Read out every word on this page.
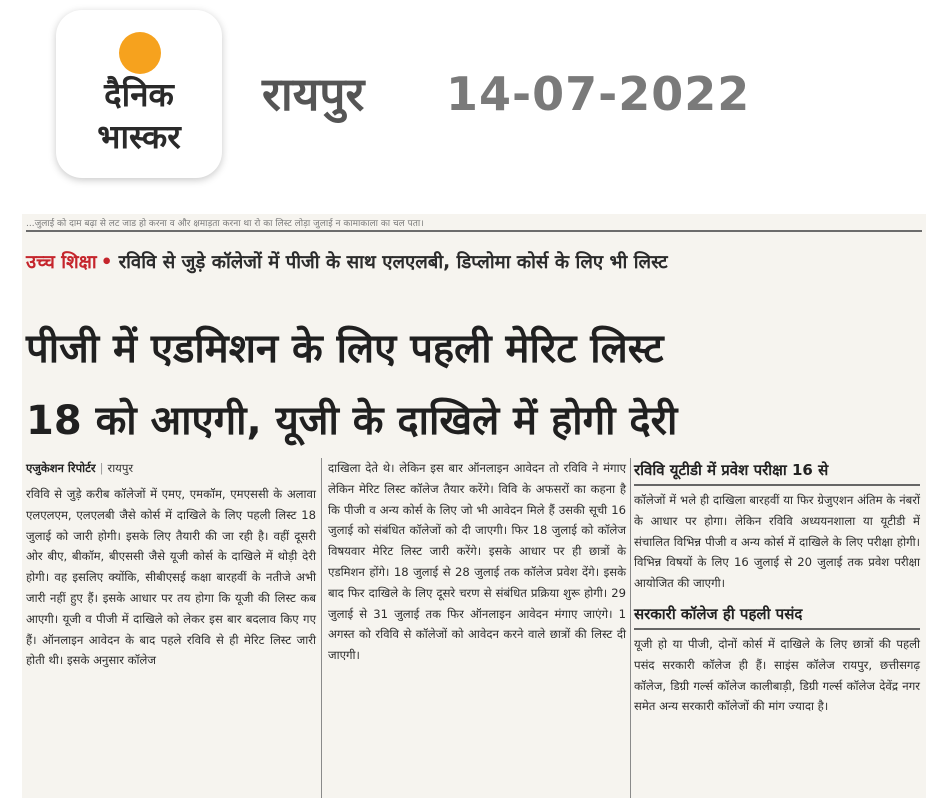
दैनिक
भास्कर
रायपुर 14-07-2022
...जुलाई को दाम बढ़ा से लट जाड हो करना व और क्षमाड़ता करना था रो का लिस्ट लोड़ा जुलाई न कामाकाला का चल पता।
उच्च शिक्षा • रविवि से जुड़े कॉलेजों में पीजी के साथ एलएलबी, डिप्लोमा कोर्स के लिए भी लिस्ट
पीजी में एडमिशन के लिए पहली मेरिट लिस्ट
18 को आएगी, यूजी के दाखिले में होगी देरी
एजुकेशन रिपोर्टर | रायपुर

रविवि से जुड़े करीब कॉलेजों में एमए, एमकॉम, एमएससी के अलावा एलएलएम, एलएलबी जैसे कोर्स में दाखिले के लिए पहली लिस्ट 18 जुलाई को जारी होगी। इसके लिए तैयारी की जा रही है। वहीं दूसरी ओर बीए, बीकॉम, बीएससी जैसे यूजी कोर्स के दाखिले में थोड़ी देरी होगी। वह इसलिए क्योंकि, सीबीएसई कक्षा बारहवीं के नतीजे अभी जारी नहीं हुए हैं। इसके आधार पर तय होगा कि यूजी की लिस्ट कब आएगी। यूजी व पीजी में दाखिले को लेकर इस बार बदलाव किए गए हैं। ऑनलाइन आवेदन के बाद पहले रविवि से ही मेरिट लिस्ट जारी होती थी। इसके अनुसार कॉलेज

दाखिला देते थे। लेकिन इस बार ऑनलाइन आवेदन तो रविवि ने मंगाए लेकिन मेरिट लिस्ट कॉलेज तैयार करेंगे। विवि के अफसरों का कहना है कि पीजी व अन्य कोर्स के लिए जो भी आवेदन मिले हैं उसकी सूची 16 जुलाई को संबंधित कॉलेजों को दी जाएगी। फिर 18 जुलाई को कॉलेज विषयवार मेरिट लिस्ट जारी करेंगे। इसके आधार पर ही छात्रों के एडमिशन होंगे। 18 जुलाई से 28 जुलाई तक कॉलेज प्रवेश देंगे। इसके बाद फिर दाखिले के लिए दूसरे चरण से संबंधित प्रक्रिया शुरू होगी। 29 जुलाई से 31 जुलाई तक फिर ऑनलाइन आवेदन मंगाए जाएंगे। 1 अगस्त को रविवि से कॉलेजों को आवेदन करने वाले छात्रों की लिस्ट दी जाएगी।

रविवि यूटीडी में प्रवेश परीक्षा 16 से

कॉलेजों में भले ही दाखिला बारहवीं या फिर ग्रेजुएशन अंतिम के नंबरों के आधार पर होगा। लेकिन रविवि अध्ययनशाला या यूटीडी में संचालित विभिन्न पीजी व अन्य कोर्स में दाखिले के लिए परीक्षा होगी। विभिन्न विषयों के लिए 16 जुलाई से 20 जुलाई तक प्रवेश परीक्षा आयोजित की जाएगी।

सरकारी कॉलेज ही पहली पसंद

यूजी हो या पीजी, दोनों कोर्स में दाखिले के लिए छात्रों की पहली पसंद सरकारी कॉलेज ही हैं। साइंस कॉलेज रायपुर, छत्तीसगढ़ कॉलेज, डिग्री गर्ल्स कॉलेज कालीबाड़ी, डिग्री गर्ल्स कॉलेज देवेंद्र नगर समेत अन्य सरकारी कॉलेजों की मांग ज्यादा है।
